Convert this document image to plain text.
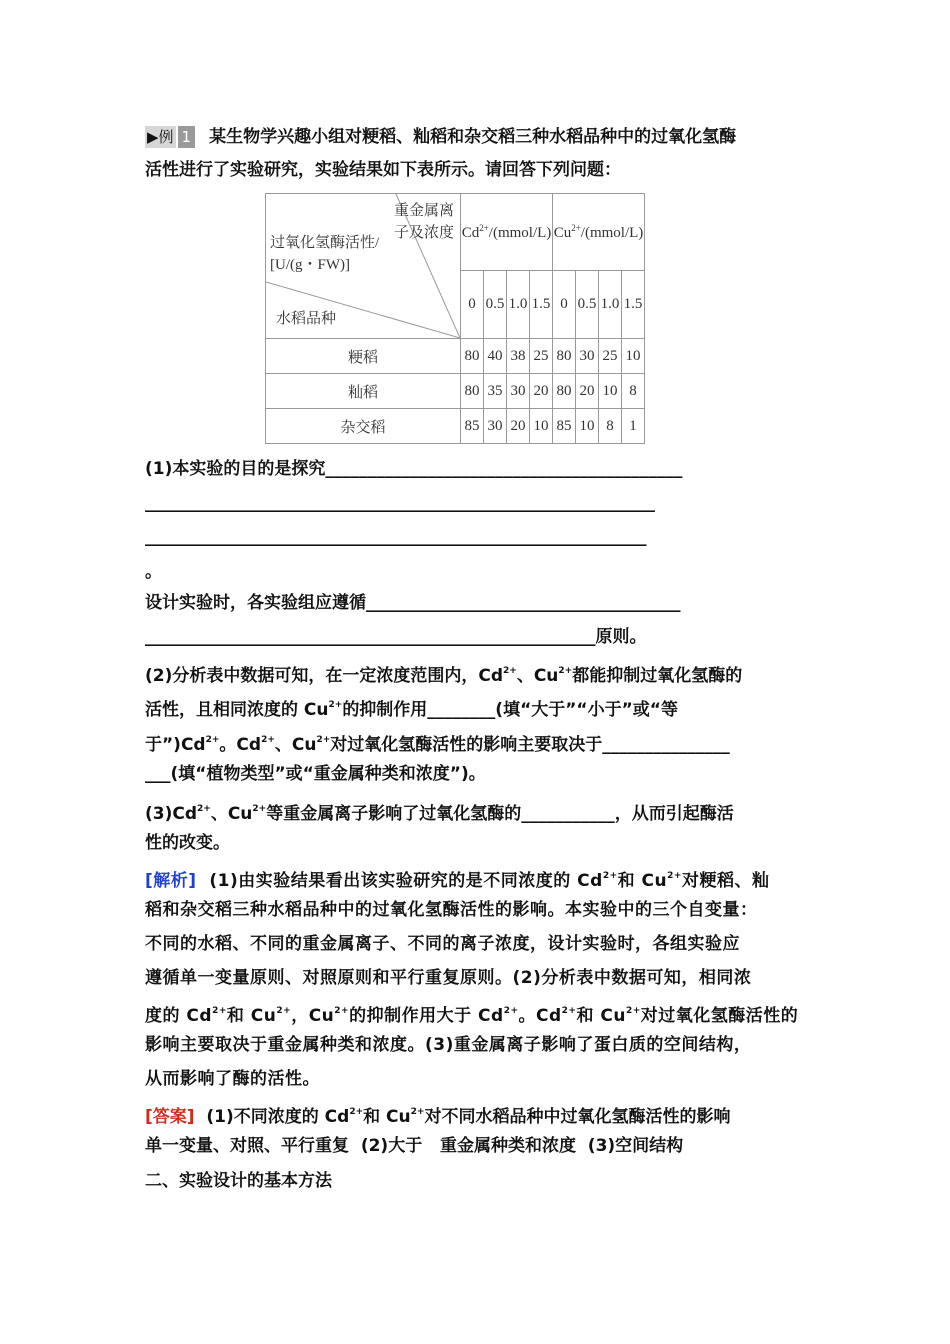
▶例 1 某生物学兴趣小组对粳稻、籼稻和杂交稻三种水稻品种中的过氧化氢酶
活性进行了实验研究，实验结果如下表所示。请回答下列问题：
重金属离
子及浓度
过氧化氢酶活性/
[U/(g・FW)]
水稻品种	$Cd^{2+}/(mmol/L)$				$Cu^{2+}/(mmol/L)$			
	0	0.5	1.0	1.5	0	0.5	1.0	1.5
粳稻	80	40	38	25	80	30	25	10
籼稻	80	35	30	20	80	20	10	8
杂交稻	85	30	20	10	85	10	8	1
(1)本实验的目的是探究__________________________________________
____________________________________________________________
___________________________________________________________
。
设计实验时，各实验组应遵循_____________________________________
_____________________________________________________原则。
(2)分析表中数据可知，在一定浓度范围内，$Cd^{2+}$、$Cu^{2+}$都能抑制过氧化氢酶的
活性，且相同浓度的 $Cu^{2+}$的抑制作用________(填“大于”“小于”或“等
于$”)Cd^{2+}$。$Cd^{2+}$、$Cu^{2+}$对过氧化氢酶活性的影响主要取决于_______________
___(填“植物类型”或“重金属种类和浓度”)。
$(3)Cd^{2+}$、$Cu^{2+}$等重金属离子影响了过氧化氢酶的___________，从而引起酶活
性的改变。
[解析]  (1)由实验结果看出该实验研究的是不同浓度的 $Cd^{2+}$和 $Cu^{2+}$对粳稻、籼
稻和杂交稻三种水稻品种中的过氧化氢酶活性的影响。本实验中的三个自变量：
不同的水稻、不同的重金属离子、不同的离子浓度，设计实验时，各组实验应
遵循单一变量原则、对照原则和平行重复原则。(2)分析表中数据可知，相同浓
度的 $Cd^{2+}$和 $Cu^{2+}$，$Cu^{2+}$的抑制作用大于 $Cd^{2+}$。$Cd^{2+}$和 $Cu^{2+}$对过氧化氢酶活性的
影响主要取决于重金属种类和浓度。(3)重金属离子影响了蛋白质的空间结构，
从而影响了酶的活性。
[答案]  (1)不同浓度的 $Cd^{2+}$和 $Cu^{2+}$对不同水稻品种中过氧化氢酶活性的影响
单一变量、对照、平行重复  (2)大于   重金属种类和浓度  (3)空间结构
二、实验设计的基本方法
